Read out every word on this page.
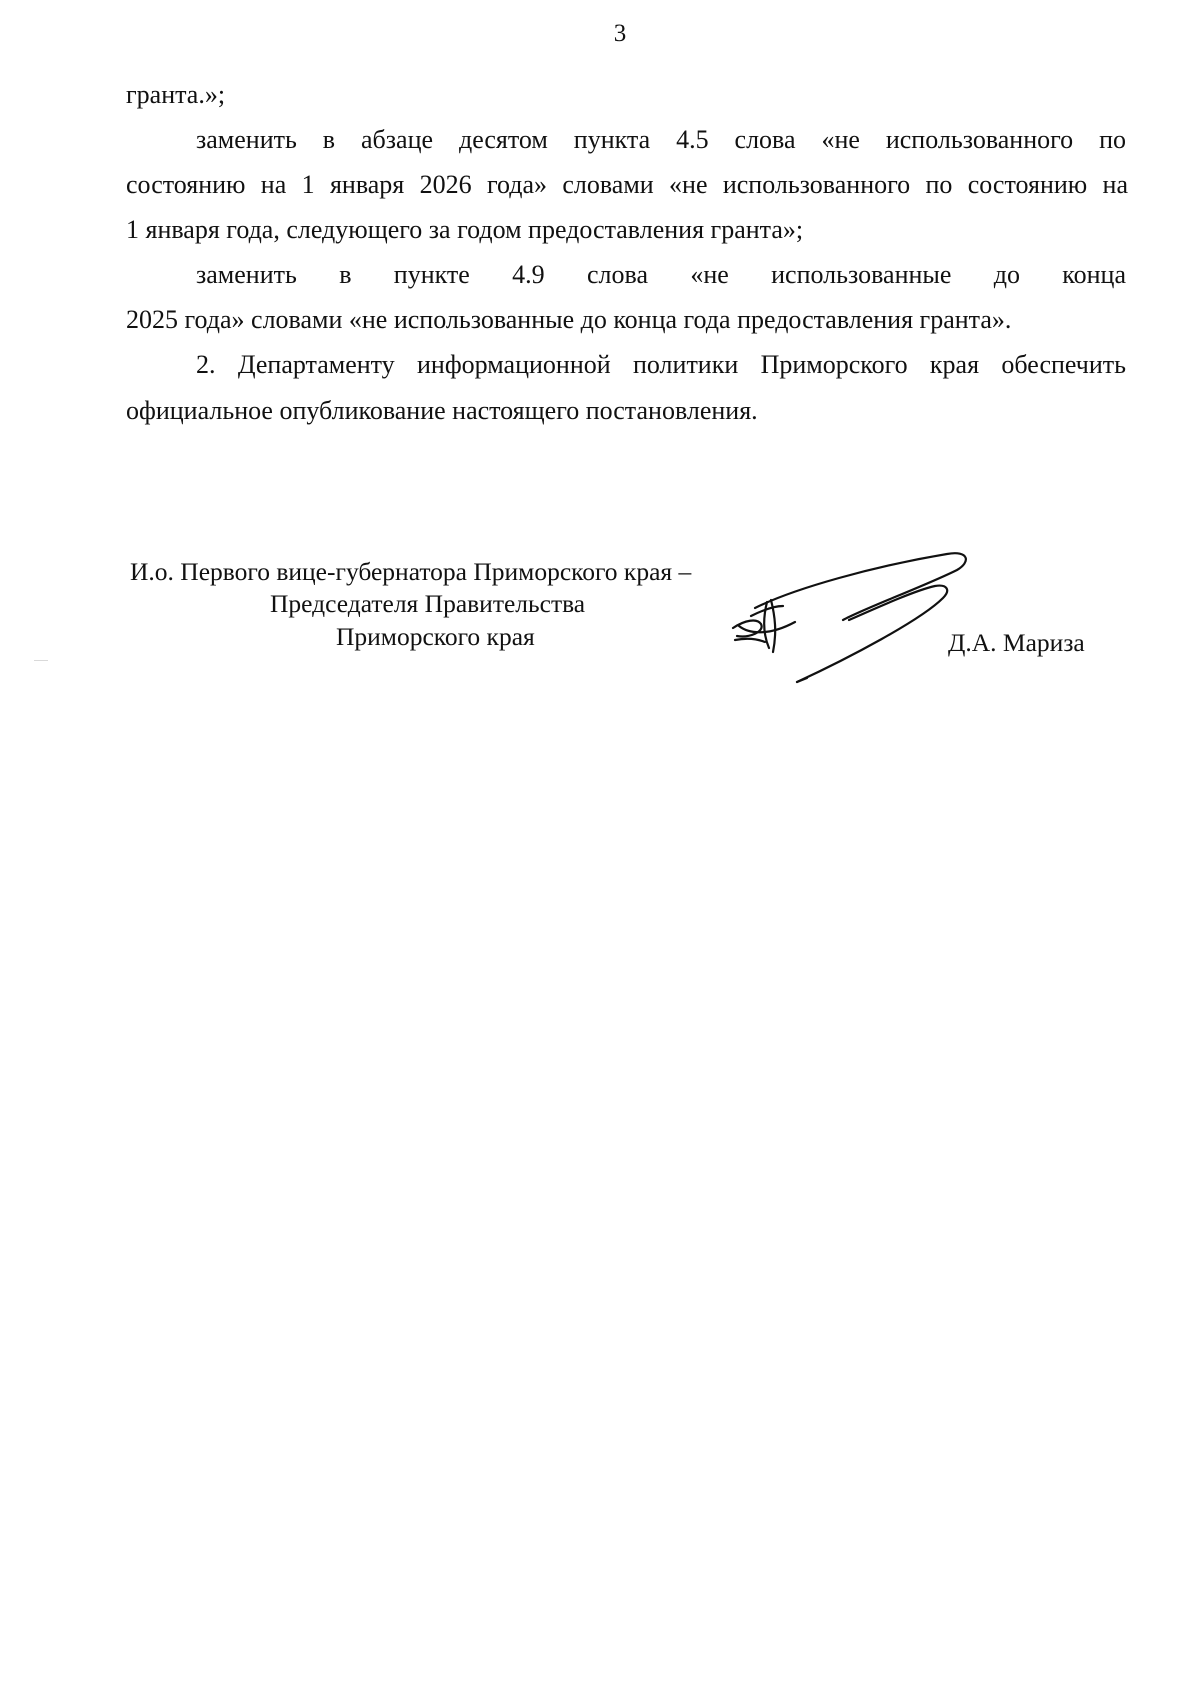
3
гранта.»;
заменить в абзаце десятом пункта 4.5 слова «не использованного по
состоянию на 1 января 2026 года» словами «не использованного по состоянию на
1 января года, следующего за годом предоставления гранта»;
заменить в пункте 4.9 слова «не использованные до конца
2025 года» словами «не использованные до конца года предоставления гранта».
2. Департаменту информационной политики Приморского края обеспечить
официальное опубликование настоящего постановления.
И.о. Первого вице-губернатора Приморского края –
Председателя Правительства
Приморского края	Д.А. Мариза
